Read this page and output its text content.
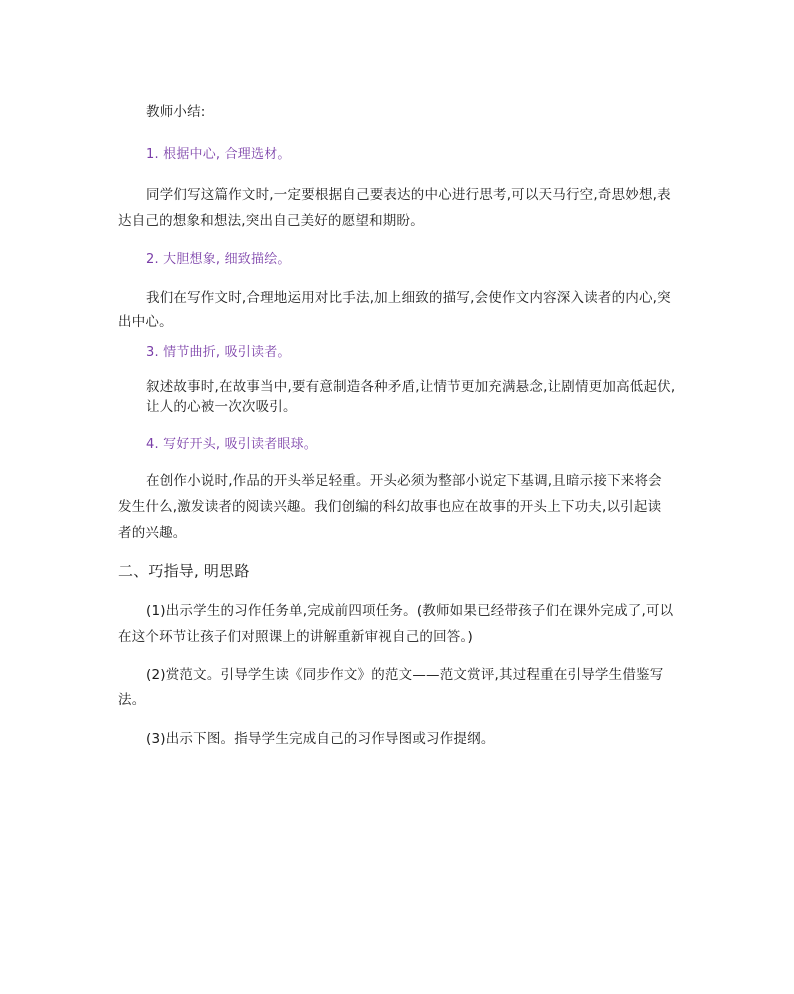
教师小结:
1. 根据中心, 合理选材。
同学们写这篇作文时,一定要根据自己要表达的中心进行思考,可以天马行空,奇思妙想,表
达自己的想象和想法,突出自己美好的愿望和期盼。
2. 大胆想象, 细致描绘。
我们在写作文时,合理地运用对比手法,加上细致的描写,会使作文内容深入读者的内心,突
出中心。
3. 情节曲折, 吸引读者。
叙述故事时,在故事当中,要有意制造各种矛盾,让情节更加充满悬念,让剧情更加高低起伏,
让人的心被一次次吸引。
4. 写好开头, 吸引读者眼球。
在创作小说时,作品的开头举足轻重。开头必须为整部小说定下基调,且暗示接下来将会
发生什么,激发读者的阅读兴趣。我们创编的科幻故事也应在故事的开头上下功夫,以引起读
者的兴趣。
二、巧指导, 明思路
(1)出示学生的习作任务单,完成前四项任务。(教师如果已经带孩子们在课外完成了,可以
在这个环节让孩子们对照课上的讲解重新审视自己的回答。)
(2)赏范文。引导学生读《同步作文》的范文——范文赏评,其过程重在引导学生借鉴写
法。
(3)出示下图。指导学生完成自己的习作导图或习作提纲。
